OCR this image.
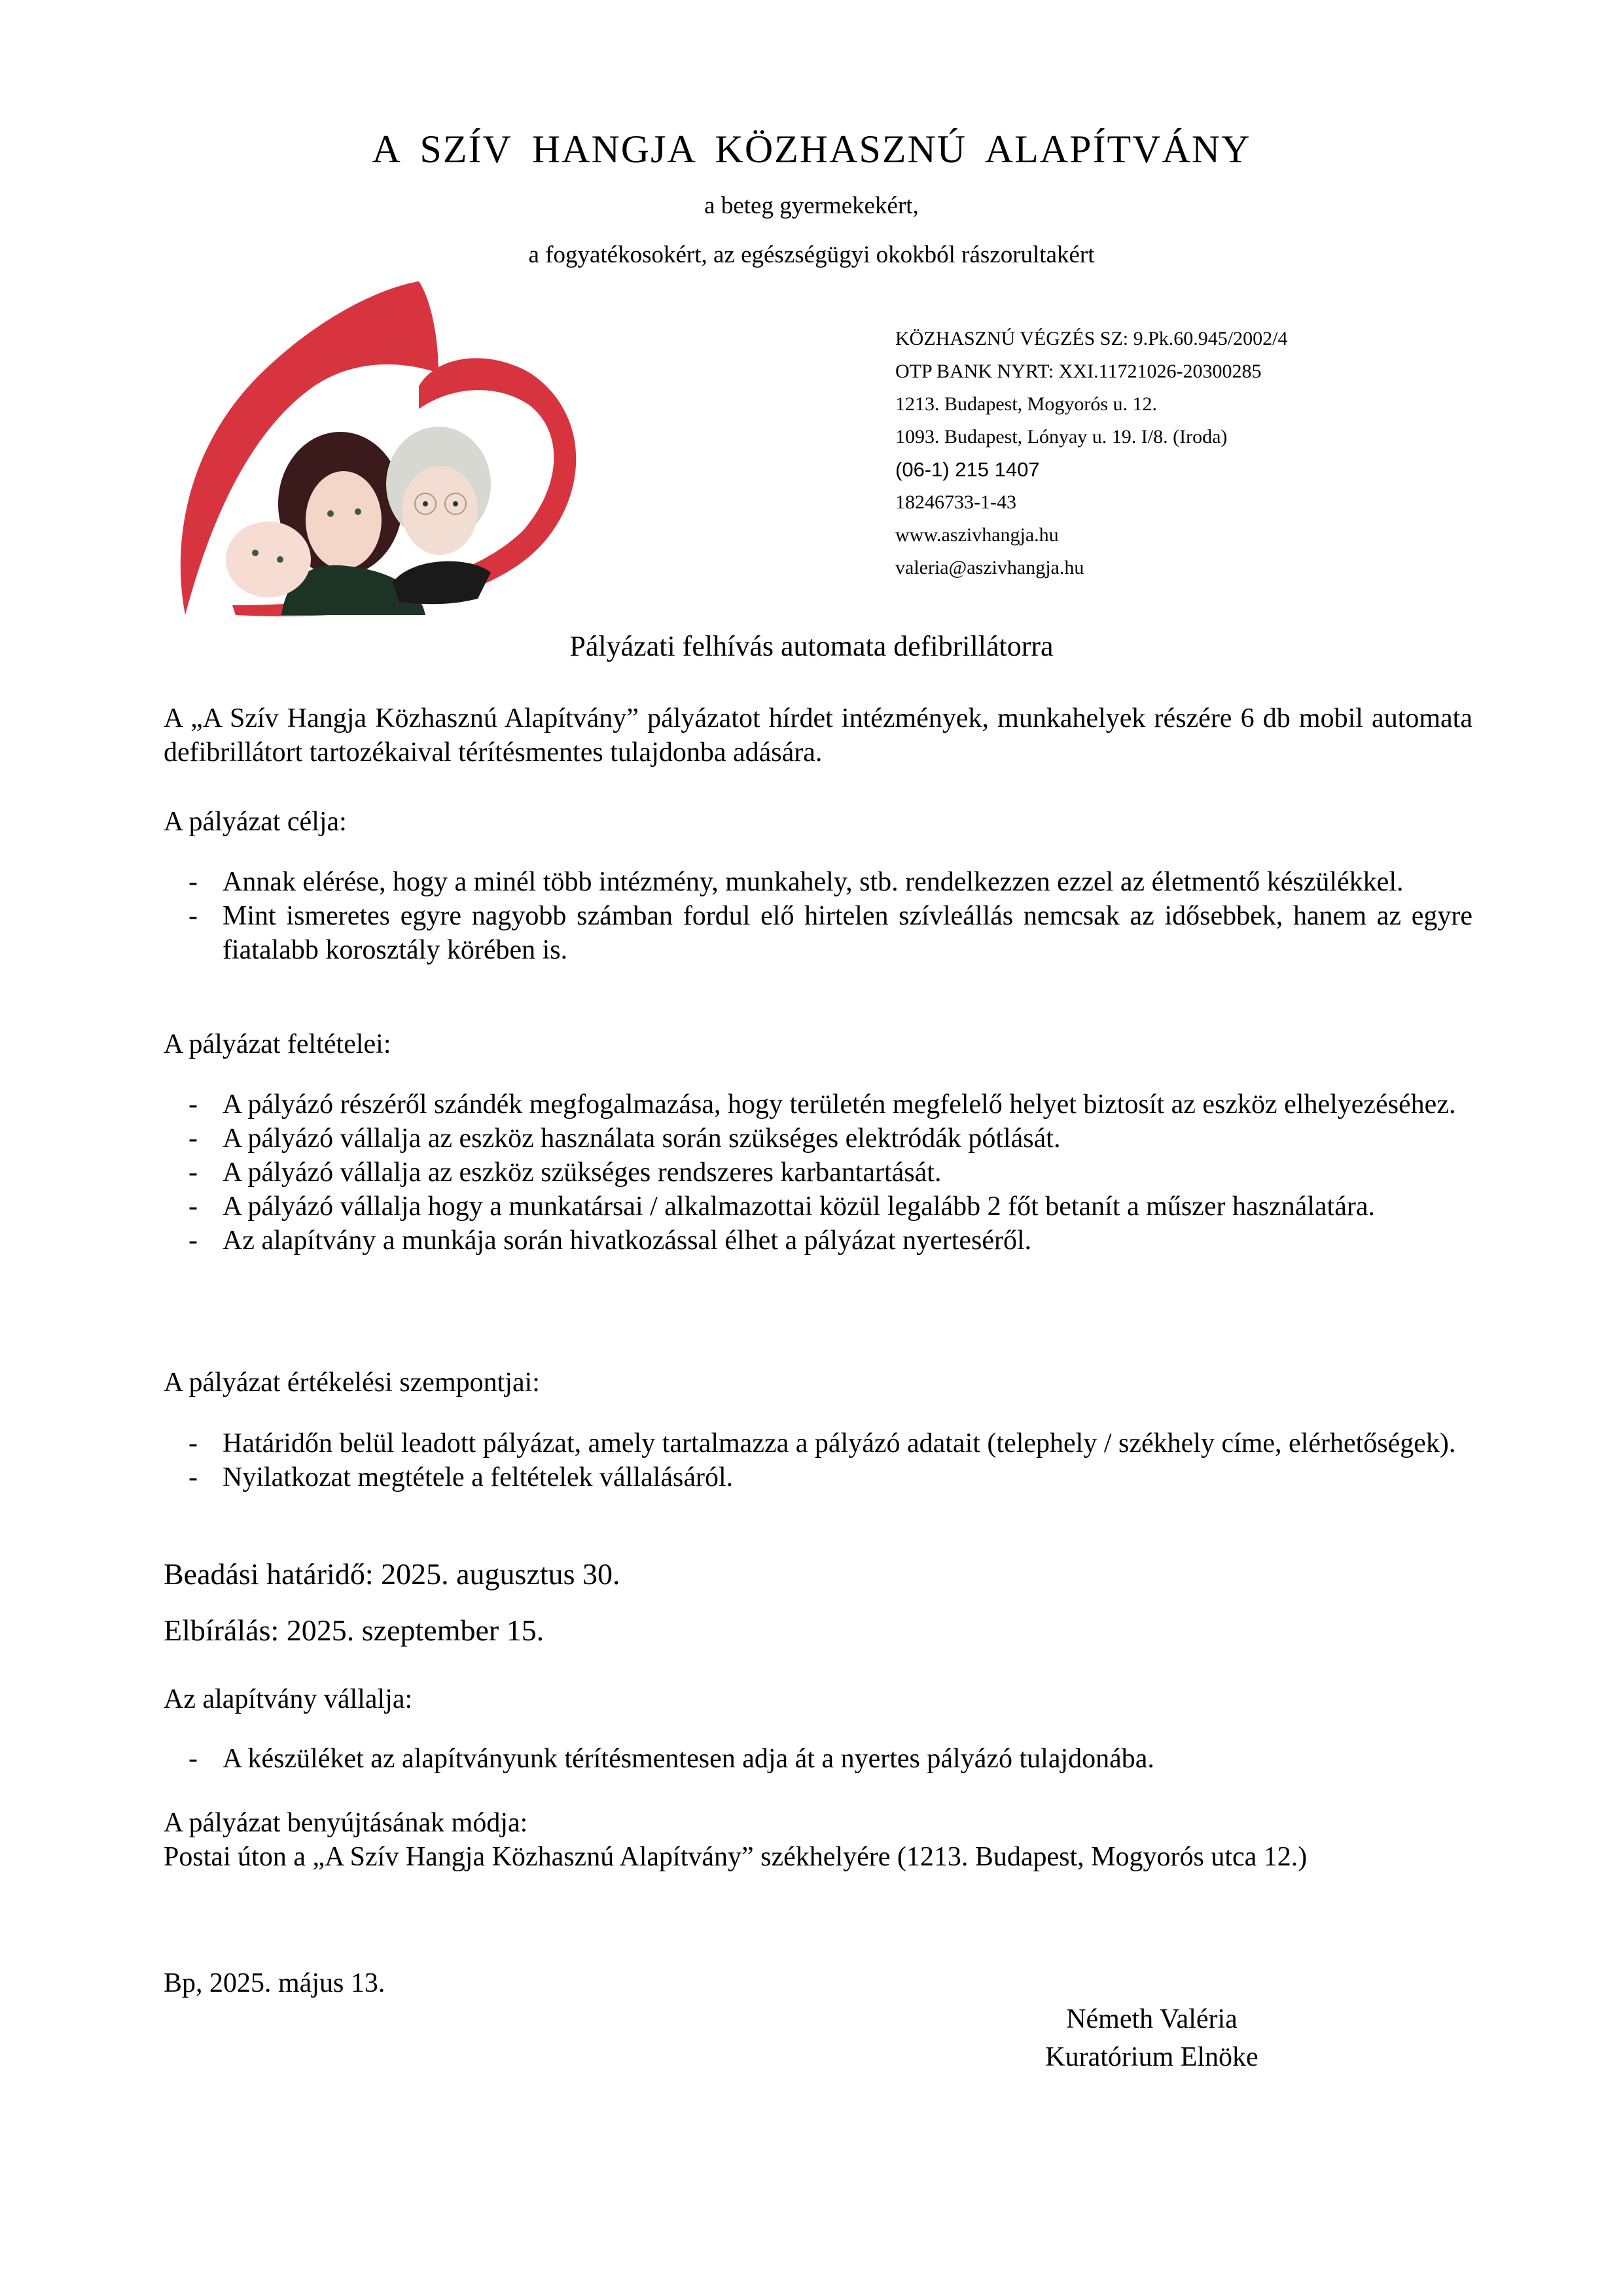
A SZÍV HANGJA KÖZHASZNÚ ALAPÍTVÁNY
a beteg gyermekekért,
a fogyatékosokért, az egészségügyi okokból rászorultakért
KÖZHASZNÚ VÉGZÉS SZ: 9.Pk.60.945/2002/4
OTP BANK NYRT: XXI.11721026-20300285
1213. Budapest, Mogyorós u. 12.
1093. Budapest, Lónyay u. 19. I/8. (Iroda)
(06-1) 215 1407
18246733-1-43
www.aszivhangja.hu
valeria@aszivhangja.hu
Pályázati felhívás automata defibrillátorra
A „A Szív Hangja Közhasznú Alapítvány” pályázatot hírdet intézmények, munkahelyek részére 6 db mobil automata defibrillátort tartozékaival térítésmentes tulajdonba adására.
A pályázat célja:
- Annak elérése, hogy a minél több intézmény, munkahely, stb. rendelkezzen ezzel az életmentő készülékkel.
- Mint ismeretes egyre nagyobb számban fordul elő hirtelen szívleállás nemcsak az idősebbek, hanem az egyre fiatalabb korosztály körében is.
A pályázat feltételei:
- A pályázó részéről szándék megfogalmazása, hogy területén megfelelő helyet biztosít az eszköz elhelyezéséhez.
- A pályázó vállalja az eszköz használata során szükséges elektródák pótlását.
- A pályázó vállalja az eszköz szükséges rendszeres karbantartását.
- A pályázó vállalja hogy a munkatársai / alkalmazottai közül legalább 2 főt betanít a műszer használatára.
- Az alapítvány a munkája során hivatkozással élhet a pályázat nyerteséről.
A pályázat értékelési szempontjai:
- Határidőn belül leadott pályázat, amely tartalmazza a pályázó adatait (telephely / székhely címe, elérhetőségek).
- Nyilatkozat megtétele a feltételek vállalásáról.
Beadási határidő: 2025. augusztus 30.
Elbírálás: 2025. szeptember 15.
Az alapítvány vállalja:
- A készüléket az alapítványunk térítésmentesen adja át a nyertes pályázó tulajdonába.
A pályázat benyújtásának módja:
Postai úton a „A Szív Hangja Közhasznú Alapítvány” székhelyére (1213. Budapest, Mogyorós utca 12.)
Bp, 2025. május 13.
Németh Valéria
Kuratórium Elnöke
